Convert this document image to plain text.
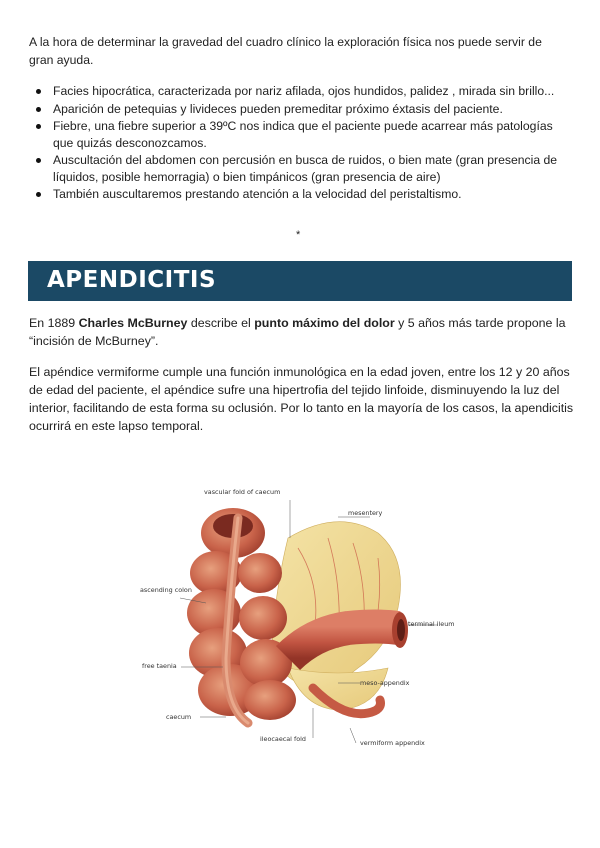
A la hora de determinar la gravedad del cuadro clínico la exploración física nos puede servir de gran ayuda.

Facies hipocrática, caracterizada por nariz afilada, ojos hundidos, palidez , mirada sin brillo...
Aparición de petequias y livideces pueden premeditar próximo éxtasis del paciente.
Fiebre, una fiebre superior a 39ºC nos indica que el paciente puede acarrear más patologías que quizás desconozcamos.
Auscultación del abdomen con percusión en busca de ruidos, o bien mate (gran presencia de líquidos, posible hemorragia) o bien timpánicos (gran presencia de aire)
También auscultaremos prestando atención a la velocidad del peristaltismo.
*
APENDICITIS

En 1889 Charles McBurney describe el punto máximo del dolor y 5 años más tarde propone la “incisión de McBurney”.

El apéndice vermiforme cumple una función inmunológica en la edad joven, entre los 12 y 20 años de edad del paciente, el apéndice sufre una hipertrofia del tejido linfoide, disminuyendo la luz del interior, facilitando de esta forma su oclusión. Por lo tanto en la mayoría de los casos, la apendicitis ocurrirá en este lapso temporal.

vascular fold of caecum
mesentery
ascending colon
terminal ileum
free taenia
meso-appendix
caecum
ileocaecal fold	vermiform appendix
